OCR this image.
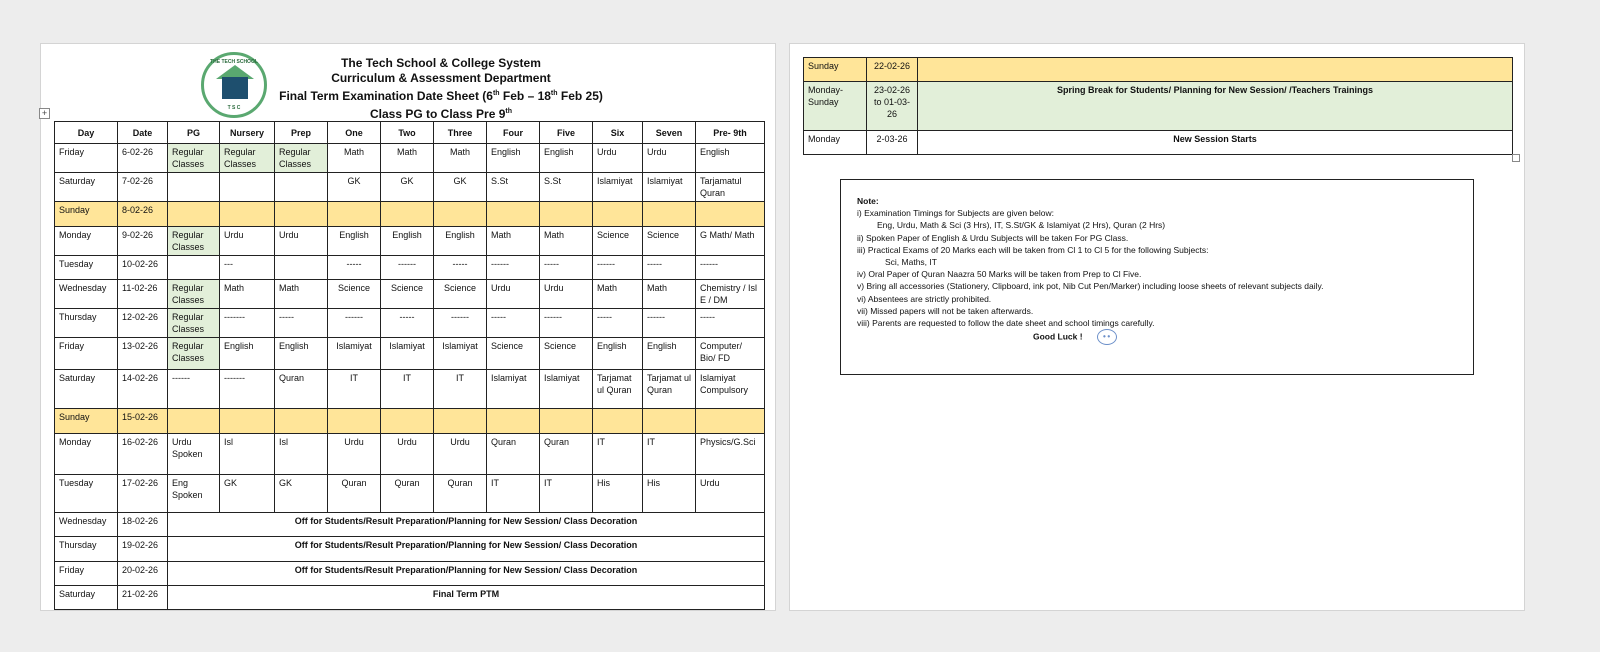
THE TECH SCHOOL
T S C
The Tech School & College System
Curriculum & Assessment Department
Final Term Examination Date Sheet (6th Feb – 18th Feb 25)
Class PG to Class Pre 9th
+
Day	Date	PG	Nursery	Prep	One	Two	Three	Four	Five	Six	Seven	Pre- 9th
Friday	6-02-26	Regular Classes	Regular Classes	Regular Classes	Math	Math	Math	English	English	Urdu	Urdu	English
Saturday	7-02-26				GK	GK	GK	S.St	S.St	Islamiyat	Islamiyat	Tarjamatul Quran
Sunday	8-02-26											
Monday	9-02-26	Regular Classes	Urdu	Urdu	English	English	English	Math	Math	Science	Science	G Math/ Math
Tuesday	10-02-26		---		-----	------	-----	------	-----	------	-----	------
Wednesday	11-02-26	Regular Classes	Math	Math	Science	Science	Science	Urdu	Urdu	Math	Math	Chemistry / Isl E / DM
Thursday	12-02-26	Regular Classes	-------	-----	------	-----	------	-----	------	-----	------	-----
Friday	13-02-26	Regular Classes	English	English	Islamiyat	Islamiyat	Islamiyat	Science	Science	English	English	Computer/ Bio/ FD
Saturday	14-02-26	------	-------	Quran	IT	IT	IT	Islamiyat	Islamiyat	Tarjamat ul Quran	Tarjamat ul Quran	Islamiyat Compulsory
Sunday	15-02-26											
Monday	16-02-26	Urdu Spoken	Isl	Isl	Urdu	Urdu	Urdu	Quran	Quran	IT	IT	Physics/G.Sci
Tuesday	17-02-26	Eng Spoken	GK	GK	Quran	Quran	Quran	IT	IT	His	His	Urdu
Wednesday	18-02-26	Off for Students/Result Preparation/Planning for New Session/ Class Decoration										
Thursday	19-02-26	Off for Students/Result Preparation/Planning for New Session/ Class Decoration										
Friday	20-02-26	Off for Students/Result Preparation/Planning for New Session/ Class Decoration										
Saturday	21-02-26	Final Term PTM										
Sunday	22-02-26	
Monday- Sunday	23-02-26 to 01-03-26	Spring Break for Students/ Planning for New Session/ /Teachers Trainings
Monday	2-03-26	New Session Starts
Note:
i) Examination Timings for Subjects are given below:
Eng, Urdu, Math & Sci (3 Hrs), IT, S.St/GK & Islamiyat (2 Hrs), Quran (2 Hrs)
ii) Spoken Paper of English & Urdu Subjects will be taken For PG Class.
iii) Practical Exams of 20 Marks each will be taken from Cl 1 to Cl 5 for the following Subjects:
Sci, Maths, IT
iv) Oral Paper of Quran Naazra 50 Marks will be taken from Prep to Cl Five.
v) Bring all accessories (Stationery, Clipboard, ink pot, Nib Cut Pen/Marker) including loose sheets of relevant subjects daily.
vi) Absentees are strictly prohibited.
vii) Missed papers will not be taken afterwards.
viii) Parents are requested to follow the date sheet and school timings carefully.
Good Luck !	• •
